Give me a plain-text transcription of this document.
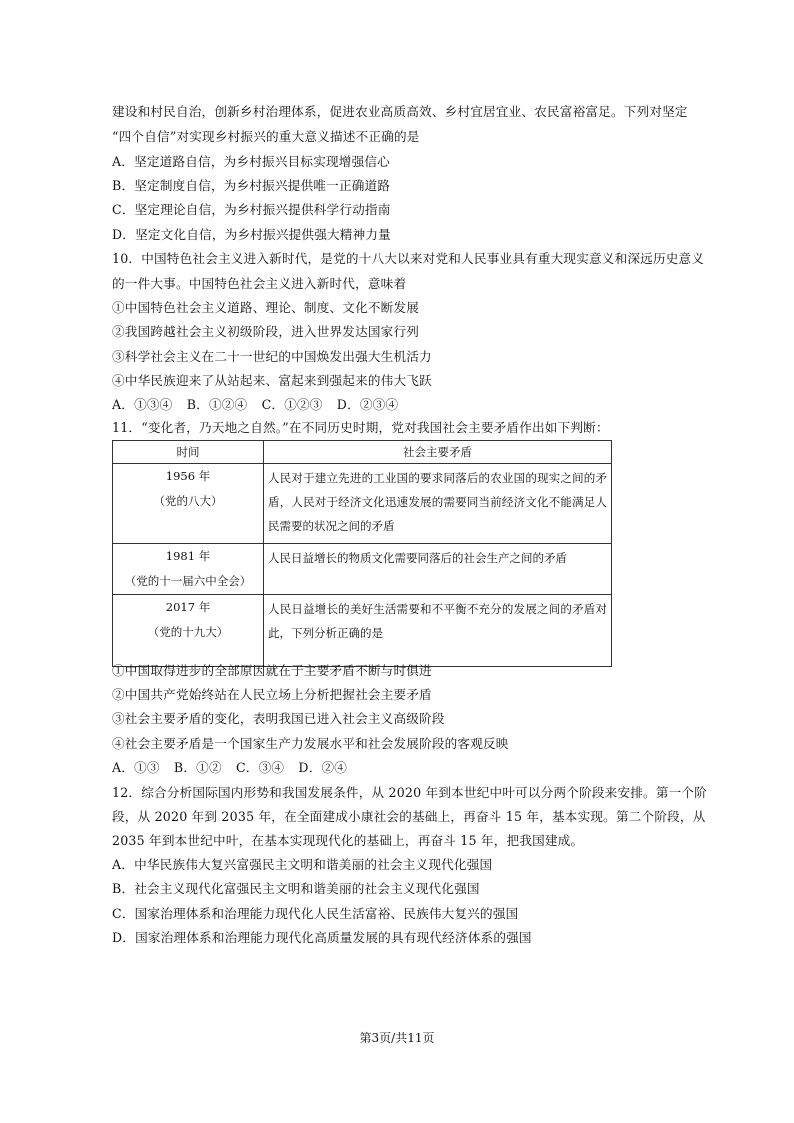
建设和村民自治，创新乡村治理体系，促进农业高质高效、乡村宜居宜业、农民富裕富足。下列对坚定
“四个自信”对实现乡村振兴的重大意义描述不正确的是
A．坚定道路自信，为乡村振兴目标实现增强信心
B．坚定制度自信，为乡村振兴提供唯一正确道路
C．坚定理论自信，为乡村振兴提供科学行动指南
D．坚定文化自信，为乡村振兴提供强大精神力量
10．中国特色社会主义进入新时代，是党的十八大以来对党和人民事业具有重大现实意义和深远历史意义
的一件大事。中国特色社会主义进入新时代，意味着
①中国特色社会主义道路、理论、制度、文化不断发展
②我国跨越社会主义初级阶段，进入世界发达国家行列
③科学社会主义在二十一世纪的中国焕发出强大生机活力
④中华民族迎来了从站起来、富起来到强起来的伟大飞跃
A．①③④ B．①②④ C．①②③ D．②③④
11．“变化者，乃天地之自然。”在不同历史时期，党对我国社会主要矛盾作出如下判断：
时间	社会主要矛盾

1956 年
（党的八大）	人民对于建立先进的工业国的要求同落后的农业国的现实之间的矛盾，人民对于经济文化迅速发展的需要同当前经济文化不能满足人民需要的状况之间的矛盾

1981 年
（党的十一届六中全会）	人民日益增长的物质文化需要同落后的社会生产之间的矛盾

2017 年
（党的十九大）	人民日益增长的美好生活需要和不平衡不充分的发展之间的矛盾对此，下列分析正确的是
①中国取得进步的全部原因就在于主要矛盾不断与时俱进
②中国共产党始终站在人民立场上分析把握社会主要矛盾
③社会主要矛盾的变化，表明我国已进入社会主义高级阶段
④社会主要矛盾是一个国家生产力发展水平和社会发展阶段的客观反映
A．①③ B．①② C．③④ D．②④
12．综合分析国际国内形势和我国发展条件，从 2020 年到本世纪中叶可以分两个阶段来安排。第一个阶
段，从 2020 年到 2035 年，在全面建成小康社会的基础上，再奋斗 15 年，基本实现。第二个阶段，从
2035 年到本世纪中叶，在基本实现现代化的基础上，再奋斗 15 年，把我国建成。
A．中华民族伟大复兴富强民主文明和谐美丽的社会主义现代化强国
B．社会主义现代化富强民主文明和谐美丽的社会主义现代化强国
C．国家治理体系和治理能力现代化人民生活富裕、民族伟大复兴的强国
D．国家治理体系和治理能力现代化高质量发展的具有现代经济体系的强国
第3页/共11页
